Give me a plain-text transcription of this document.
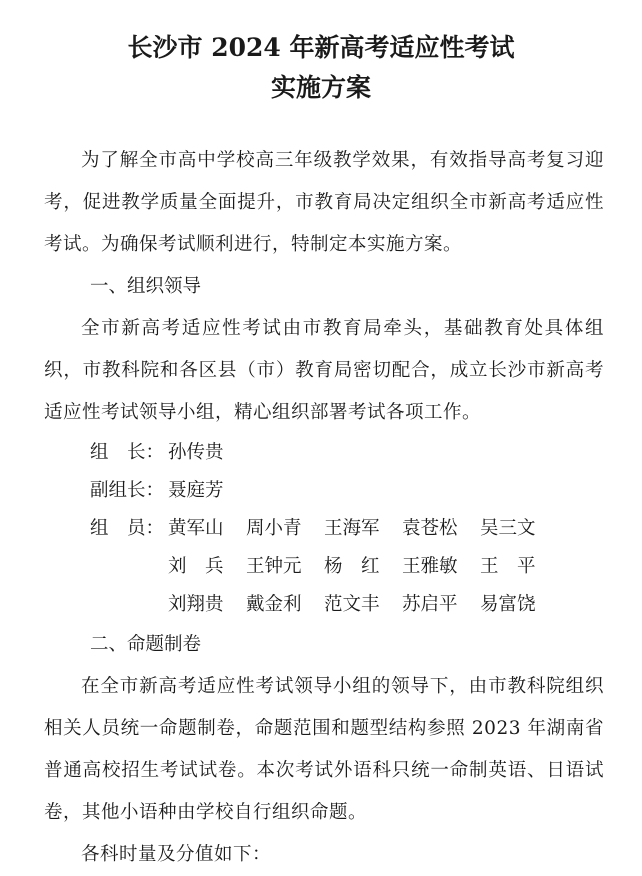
长沙市 2024 年新高考适应性考试
实施方案

为了解全市高中学校高三年级教学效果，有效指导高考复习迎考，促进教学质量全面提升，市教育局决定组织全市新高考适应性考试。为确保考试顺利进行，特制定本实施方案。

一、组织领导

全市新高考适应性考试由市教育局牵头，基础教育处具体组织，市教科院和各区县（市）教育局密切配合，成立长沙市新高考适应性考试领导小组，精心组织部署考试各项工作。

组　长： 孙传贵
副组长： 聂庭芳
组　员： 黄军山	周小青	王海军	袁苍松	吴三文
刘　兵	王钟元	杨　红	王雅敏	王　平
刘翔贵	戴金利	范文丰	苏启平	易富饶
二、命题制卷

在全市新高考适应性考试领导小组的领导下，由市教科院组织相关人员统一命题制卷，命题范围和题型结构参照 2023 年湖南省普通高校招生考试试卷。本次考试外语科只统一命制英语、日语试卷，其他小语种由学校自行组织命题。

各科时量及分值如下：
